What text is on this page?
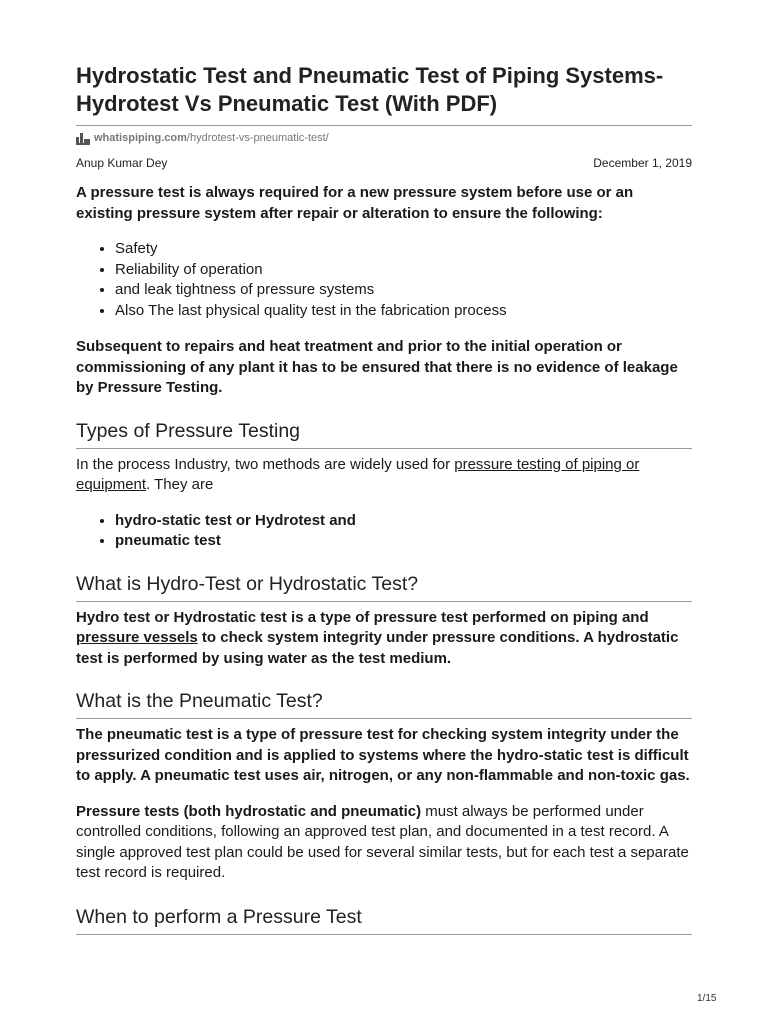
Hydrostatic Test and Pneumatic Test of Piping Systems-Hydrotest Vs Pneumatic Test (With PDF)
whatispiping.com /hydrotest-vs-pneumatic-test/
Anup Kumar Dey	December 1, 2019

A pressure test is always required for a new pressure system before use or an existing pressure system after repair or alteration to ensure the following:

• Safety
• Reliability of operation
• and leak tightness of pressure systems
• Also The last physical quality test in the fabrication process

Subsequent to repairs and heat treatment and prior to the initial operation or commissioning of any plant it has to be ensured that there is no evidence of leakage by Pressure Testing.

Types of Pressure Testing

In the process Industry, two methods are widely used for pressure testing of piping or equipment. They are

• hydro-static test or Hydrotest and
• pneumatic test
What is Hydro-Test or Hydrostatic Test?

Hydro test or Hydrostatic test is a type of pressure test performed on piping and pressure vessels to check system integrity under pressure conditions. A hydrostatic test is performed by using water as the test medium.

What is the Pneumatic Test?

The pneumatic test is a type of pressure test for checking system integrity under the pressurized condition and is applied to systems where the hydro-static test is difficult to apply. A pneumatic test uses air, nitrogen, or any non-flammable and non-toxic gas.

Pressure tests (both hydrostatic and pneumatic) must always be performed under controlled conditions, following an approved test plan, and documented in a test record. A single approved test plan could be used for several similar tests, but for each test a separate test record is required.

When to perform a Pressure Test
1/15
